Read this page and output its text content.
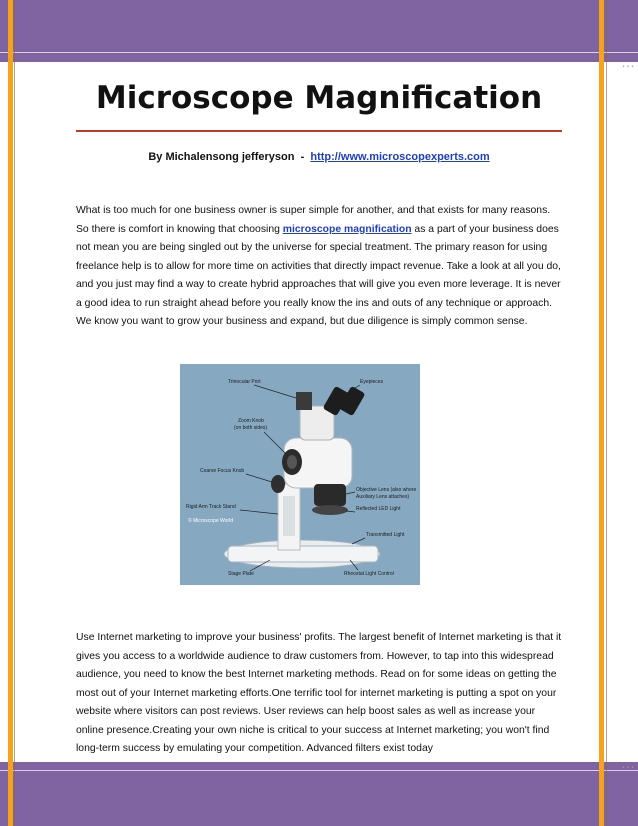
Microscope Magnification
By Michalensong jefferyson - http://www.microscopexperts.com
What is too much for one business owner is super simple for another, and that exists for many reasons. So there is comfort in knowing that choosing microscope magnification as a part of your business does not mean you are being singled out by the universe for special treatment. The primary reason for using freelance help is to allow for more time on activities that directly impact revenue. Take a look at all you do, and you just may find a way to create hybrid approaches that will give you even more leverage. It is never a good idea to run straight ahead before you really know the ins and outs of any technique or approach. We know you want to grow your business and expand, but due diligence is simply common sense.
Trinocular Port	Eyepieces
Zoom Knob
(on both sides)
Coarse Focus Knob
Objective Lens (also where
Auxiliary Lens attaches)
Rigid Arm Track Stand	Reflected LED Light
© Microscope World
Transmitted Light
Stage Plate	Rheostat Light Control
Use Internet marketing to improve your business' profits. The largest benefit of Internet marketing is that it gives you access to a worldwide audience to draw customers from. However, to tap into this widespread audience, you need to know the best Internet marketing methods. Read on for some ideas on getting the most out of your Internet marketing efforts.One terrific tool for internet marketing is putting a spot on your website where visitors can post reviews. User reviews can help boost sales as well as increase your online presence.Creating your own niche is critical to your success at Internet marketing; you won't find long-term success by emulating your competition. Advanced filters exist today
• • •
• • •
